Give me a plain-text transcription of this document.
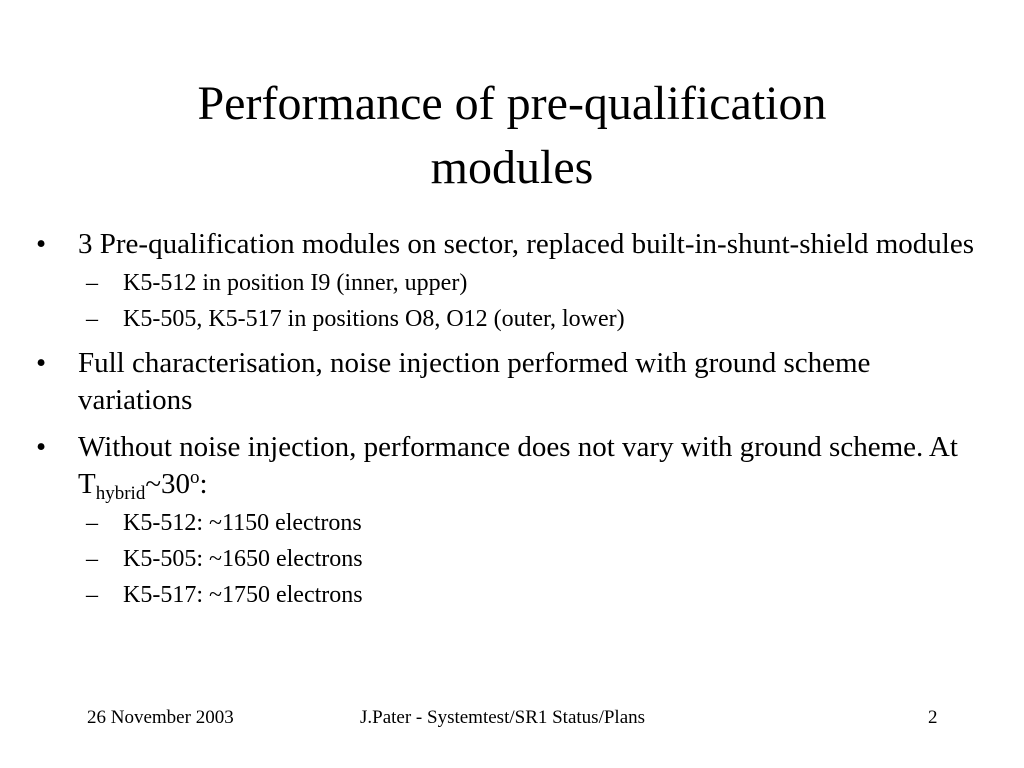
Performance of pre-qualification
modules
• 3 Pre-qualification modules on sector, replaced built-in-shunt-shield modules
– K5-512 in position I9 (inner, upper)
– K5-505, K5-517 in positions O8, O12 (outer, lower)
• Full characterisation, noise injection performed with ground scheme variations
• Without noise injection, performance does not vary with ground scheme. At $T_{hybrid}\sim 30^o$:
– K5-512: ~1150 electrons
– K5-505: ~1650 electrons
– K5-517: ~1750 electrons
26 November 2003	J.Pater - Systemtest/SR1 Status/Plans	2
